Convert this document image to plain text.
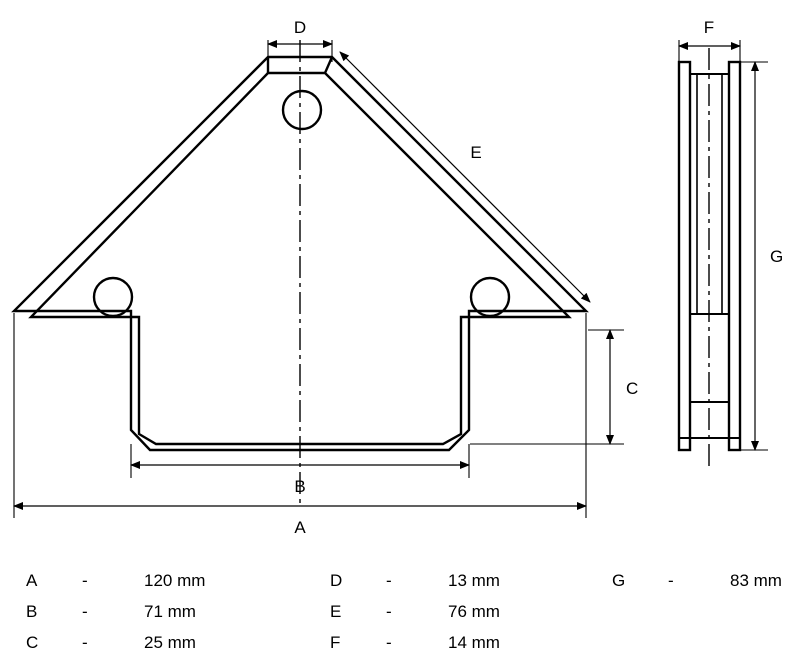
D
E
C
B
A
F
G
A	-	120 mm
B	-	71 mm
C	-	25 mm
D	-	13 mm
E	-	76 mm
F	-	14 mm
G	-	83 mm
